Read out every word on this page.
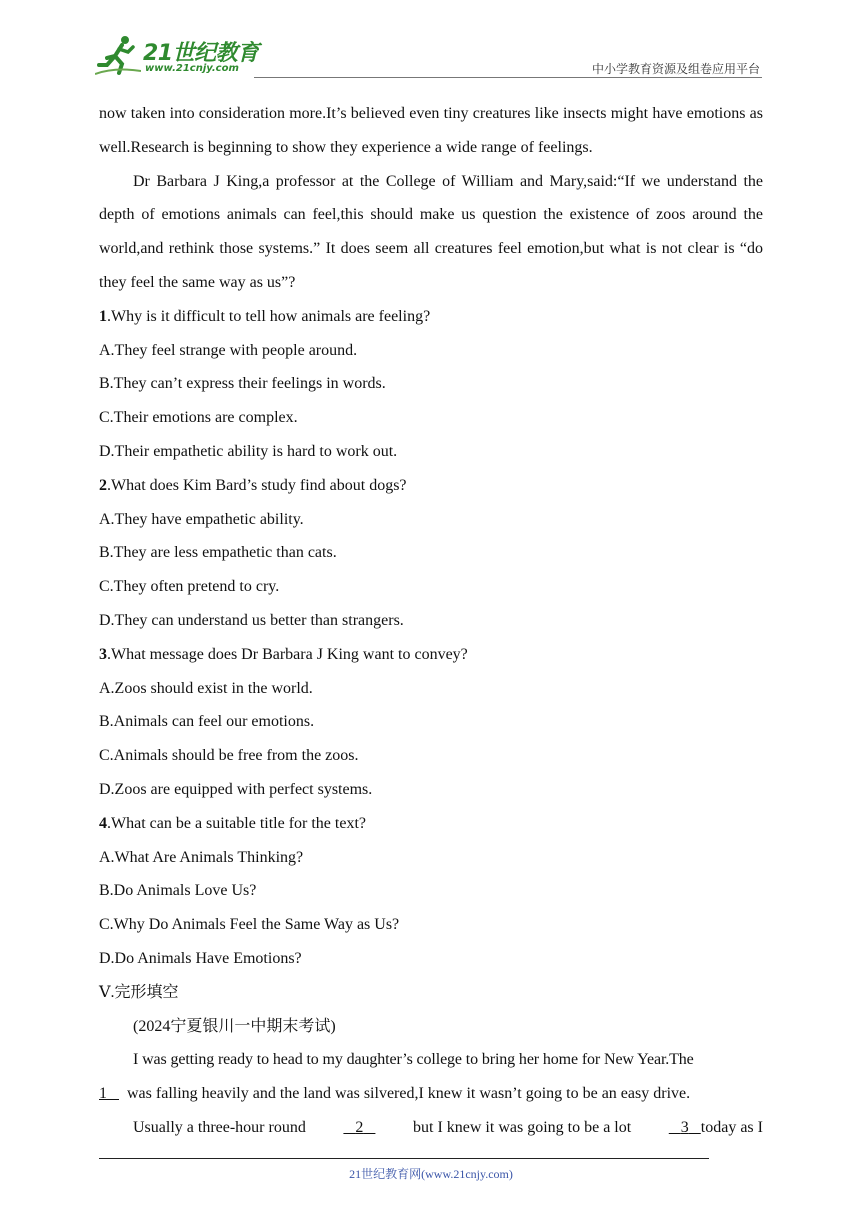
21世纪教育
www.21cnjy.com	中小学教育资源及组卷应用平台

now taken into consideration more.It’s believed even tiny creatures like insects might have emotions as well.Research is beginning to show they experience a wide range of feelings.

Dr Barbara J King,a professor at the College of William and Mary,said:“If we understand the depth of emotions animals can feel,this should make us question the existence of zoos around the world,and rethink those systems.” It does seem all creatures feel emotion,but what is not clear is “do they feel the same way as us”?

1.Why is it difficult to tell how animals are feeling?

A.They feel strange with people around.

B.They can’t express their feelings in words.

C.Their emotions are complex.

D.Their empathetic ability is hard to work out.

2.What does Kim Bard’s study find about dogs?

A.They have empathetic ability.

B.They are less empathetic than cats.

C.They often pretend to cry.

D.They can understand us better than strangers.

3.What message does Dr Barbara J King want to convey?

A.Zoos should exist in the world.

B.Animals can feel our emotions.

C.Animals should be free from the zoos.

D.Zoos are equipped with perfect systems.

4.What can be a suitable title for the text?

A.What Are Animals Thinking?

B.Do Animals Love Us?

C.Why Do Animals Feel the Same Way as Us?

D.Do Animals Have Emotions?

Ⅴ.完形填空

(2024宁夏银川一中期末考试)

I was getting ready to head to my daughter’s college to bring her home for New Year.The

1 was falling heavily and the land was silvered,I knew it wasn’t going to be an easy drive.

Usually a three-hour round	2	but I knew it was going to be a lot	3 today as I

21世纪教育网(www.21cnjy.com)
